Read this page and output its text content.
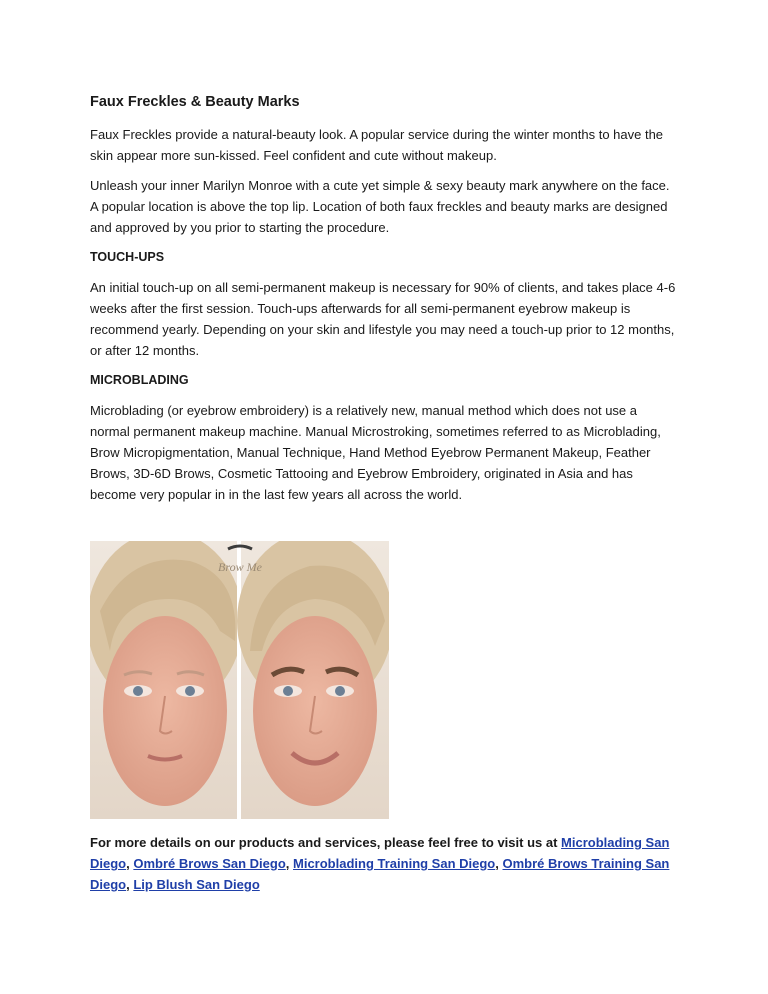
Faux Freckles & Beauty Marks

Faux Freckles provide a natural-beauty look. A popular service during the winter months to have the skin appear more sun-kissed. Feel confident and cute without makeup.

Unleash your inner Marilyn Monroe with a cute yet simple & sexy beauty mark anywhere on the face. A popular location is above the top lip. Location of both faux freckles and beauty marks are designed and approved by you prior to starting the procedure.

TOUCH-UPS

An initial touch-up on all semi-permanent makeup is necessary for 90% of clients, and takes place 4-6 weeks after the first session. Touch-ups afterwards for all semi-permanent eyebrow makeup is recommend yearly. Depending on your skin and lifestyle you may need a touch-up prior to 12 months, or after 12 months.

MICROBLADING

Microblading (or eyebrow embroidery) is a relatively new, manual method which does not use a normal permanent makeup machine. Manual Microstroking, sometimes referred to as Microblading, Brow Micropigmentation, Manual Technique, Hand Method Eyebrow Permanent Makeup, Feather Brows, 3D-6D Brows, Cosmetic Tattooing and Eyebrow Embroidery, originated in Asia and has become very popular in in the last few years all across the world.

Brow Me
For more details on our products and services, please feel free to visit us at Microblading San Diego, Ombré Brows San Diego, Microblading Training San Diego, Ombré Brows Training San Diego, Lip Blush San Diego
